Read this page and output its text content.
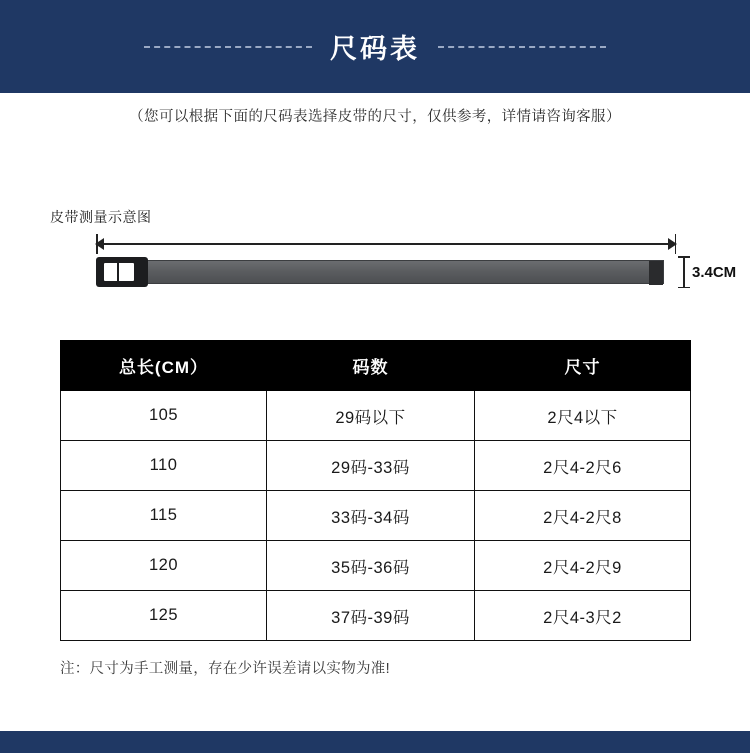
尺码表
（您可以根据下面的尺码表选择皮带的尺寸，仅供参考，详情请咨询客服）
皮带测量示意图
3.4CM
总长(CM）	码数	尺寸
105	29码以下	2尺4以下
110	29码-33码	2尺4-2尺6
115	33码-34码	2尺4-2尺8
120	35码-36码	2尺4-2尺9
125	37码-39码	2尺4-3尺2
注：尺寸为手工测量，存在少许误差请以实物为准!
